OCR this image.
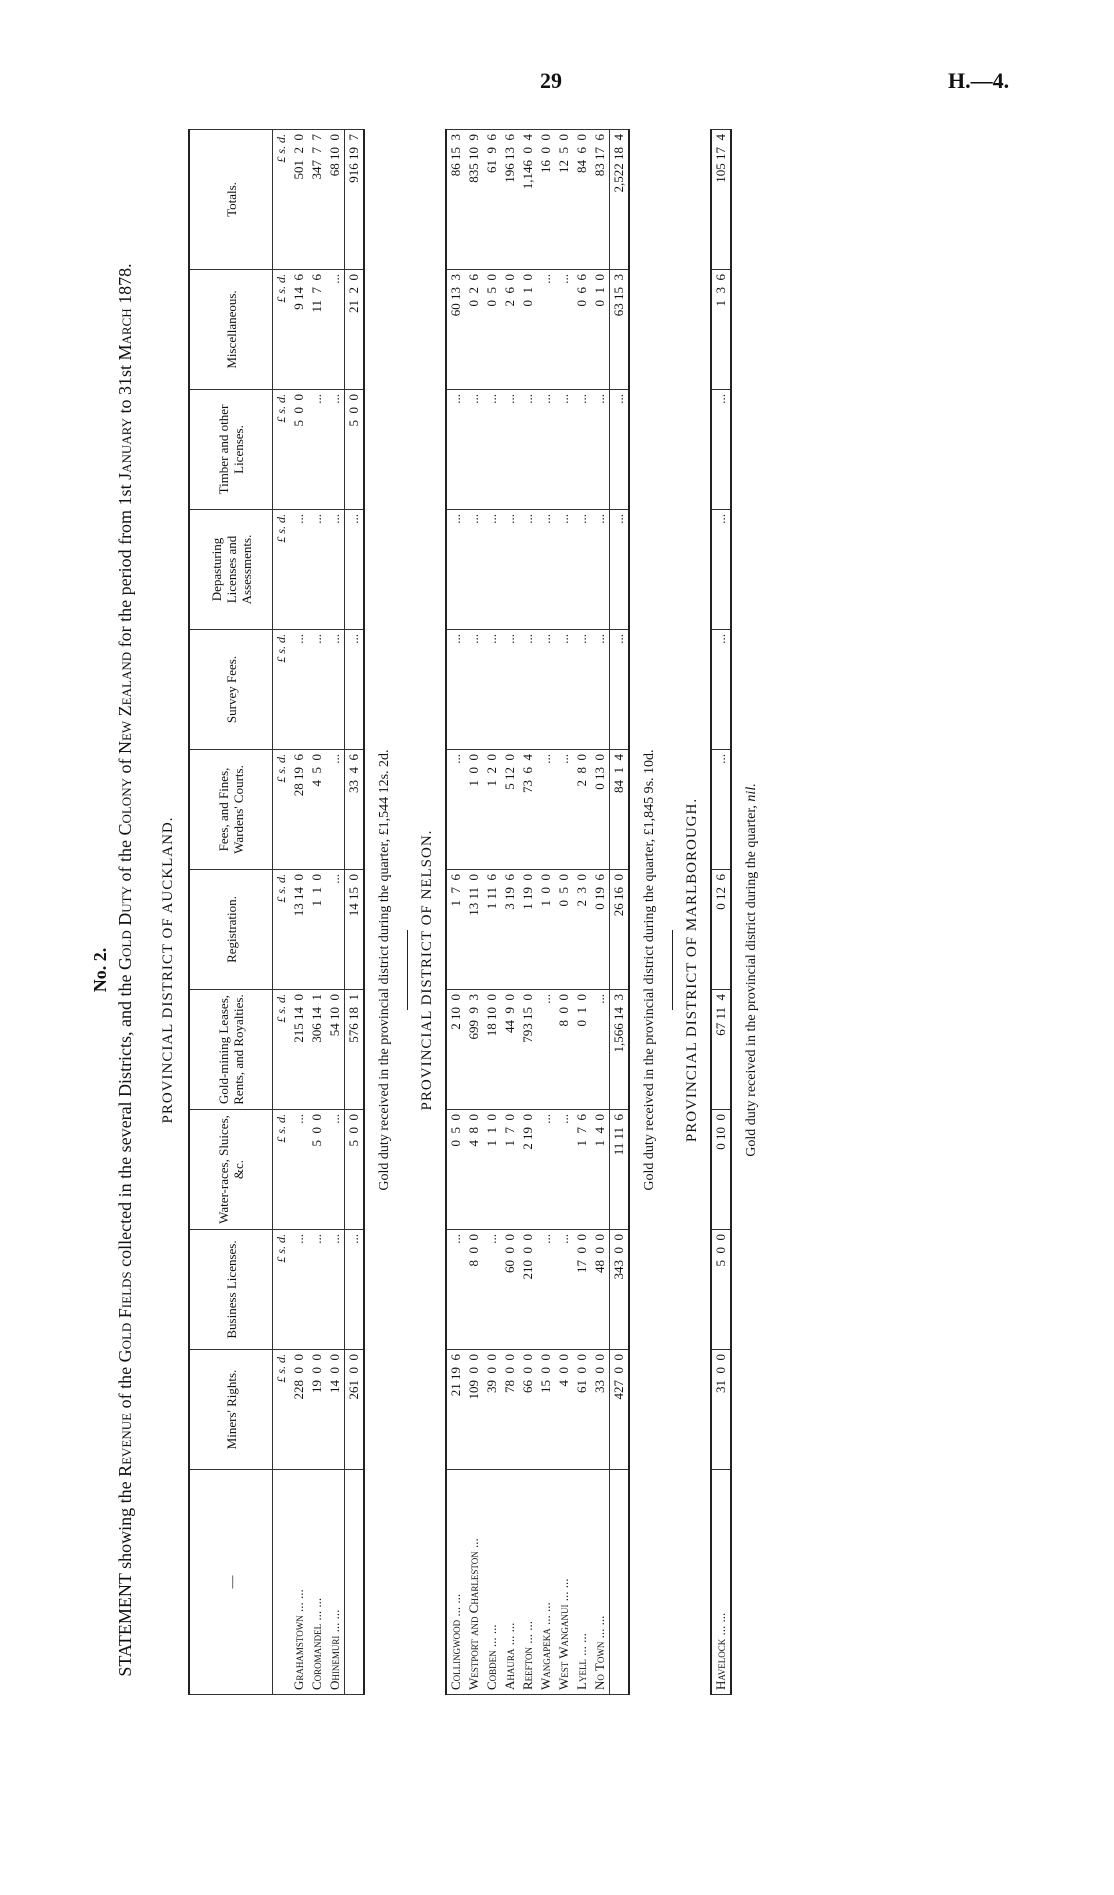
29	H.—4.
No. 2.
STATEMENT showing the Revenue of the Gold Fields collected in the several Districts, and the Gold Duty of the Colony of New Zealand for the period from 1st January to 31st March 1878.
PROVINCIAL DISTRICT OF AUCKLAND.
—	Miners' Rights.	Business Licenses.	Water-races, Sluices, &c.	Gold-mining Leases, Rents, and Royalties.	Registration.	Fees, and Fines, Wardens' Courts.	Survey Fees.	Depasturing Licenses and Assessments.	Timber and other Licenses.	Miscellaneous.	Totals.
	£ s. d.	£ s. d.	£ s. d.	£ s. d.	£ s. d.	£ s. d.	£ s. d.	£ s. d.	£ s. d.	£ s. d.	£ s. d.
Grahamstown ... ...	228  0  0	...	...	215 14  0	13 14  0	28 19  6	...	...	5  0  0	9 14  6	501  2  0
Coromandel ... ...	19  0  0	...	5  0  0	306 14  1	1  1  0	4  5  0	...	...	...	11  7  6	347  7  7
Ohinemuri ... ...	14  0  0	...	...	54 10  0	...	...	...	...	...	...	68 10  0
	261  0  0	...	5  0  0	576 18  1	14 15  0	33  4  6	...	...	5  0  0	21  2  0	916 19  7
Gold duty received in the provincial district during the quarter, £1,544 12s. 2d. PROVINCIAL DISTRICT OF NELSON.
Collingwood ... ...	21 19  6	...	0  5  0	2 10  0	1  7  6	...	...	...	...	60 13  3	86 15  3
Westport and Charleston ...	109  0  0	8  0  0	4  8  0	699  9  3	13 11  0	1  0  0	...	...	...	0  2  6	835 10  9
Cobden ... ...	39  0  0	...	1  1  0	18 10  0	1 11  6	1  2  0	...	...	...	0  5  0	61  9  6
Ahaura ... ...	78  0  0	60  0  0	1  7  0	44  9  0	3 19  6	5 12  0	...	...	...	2  6  0	196 13  6
Reefton ... ...	66  0  0	210  0  0	2 19  0	793 15  0	1 19  0	73  6  4	...	...	...	0  1  0	1,146  0  4
Wangapeka ... ...	15  0  0	...	...	...	1  0  0	...	...	...	...	...	16  0  0
West Wanganui ... ...	4  0  0	...	...	8  0  0	0  5  0	...	...	...	...	...	12  5  0
Lyell ... ...	61  0  0	17  0  0	1  7  6	0  1  0	2  3  0	2  8  0	...	...	...	0  6  6	84  6  0
No Town ... ...	33  0  0	48  0  0	1  4  0	...	0 19  6	0 13  0	...	...	...	0  1  0	83 17  6
	427  0  0	343  0  0	11 11  6	1,566 14  3	26 16  0	84  1  4	...	...	...	63 15  3	2,522 18  4
Gold duty received in the provincial district during the quarter, £1,845 9s. 10d. PROVINCIAL DISTRICT OF MARLBOROUGH.
Havelock ... ...	31  0  0	5  0  0	0 10  0	67 11  4	0 12  6	...	...	...	...	1  3  6	105 17  4
Gold duty received in the provincial district during the quarter, nil.
